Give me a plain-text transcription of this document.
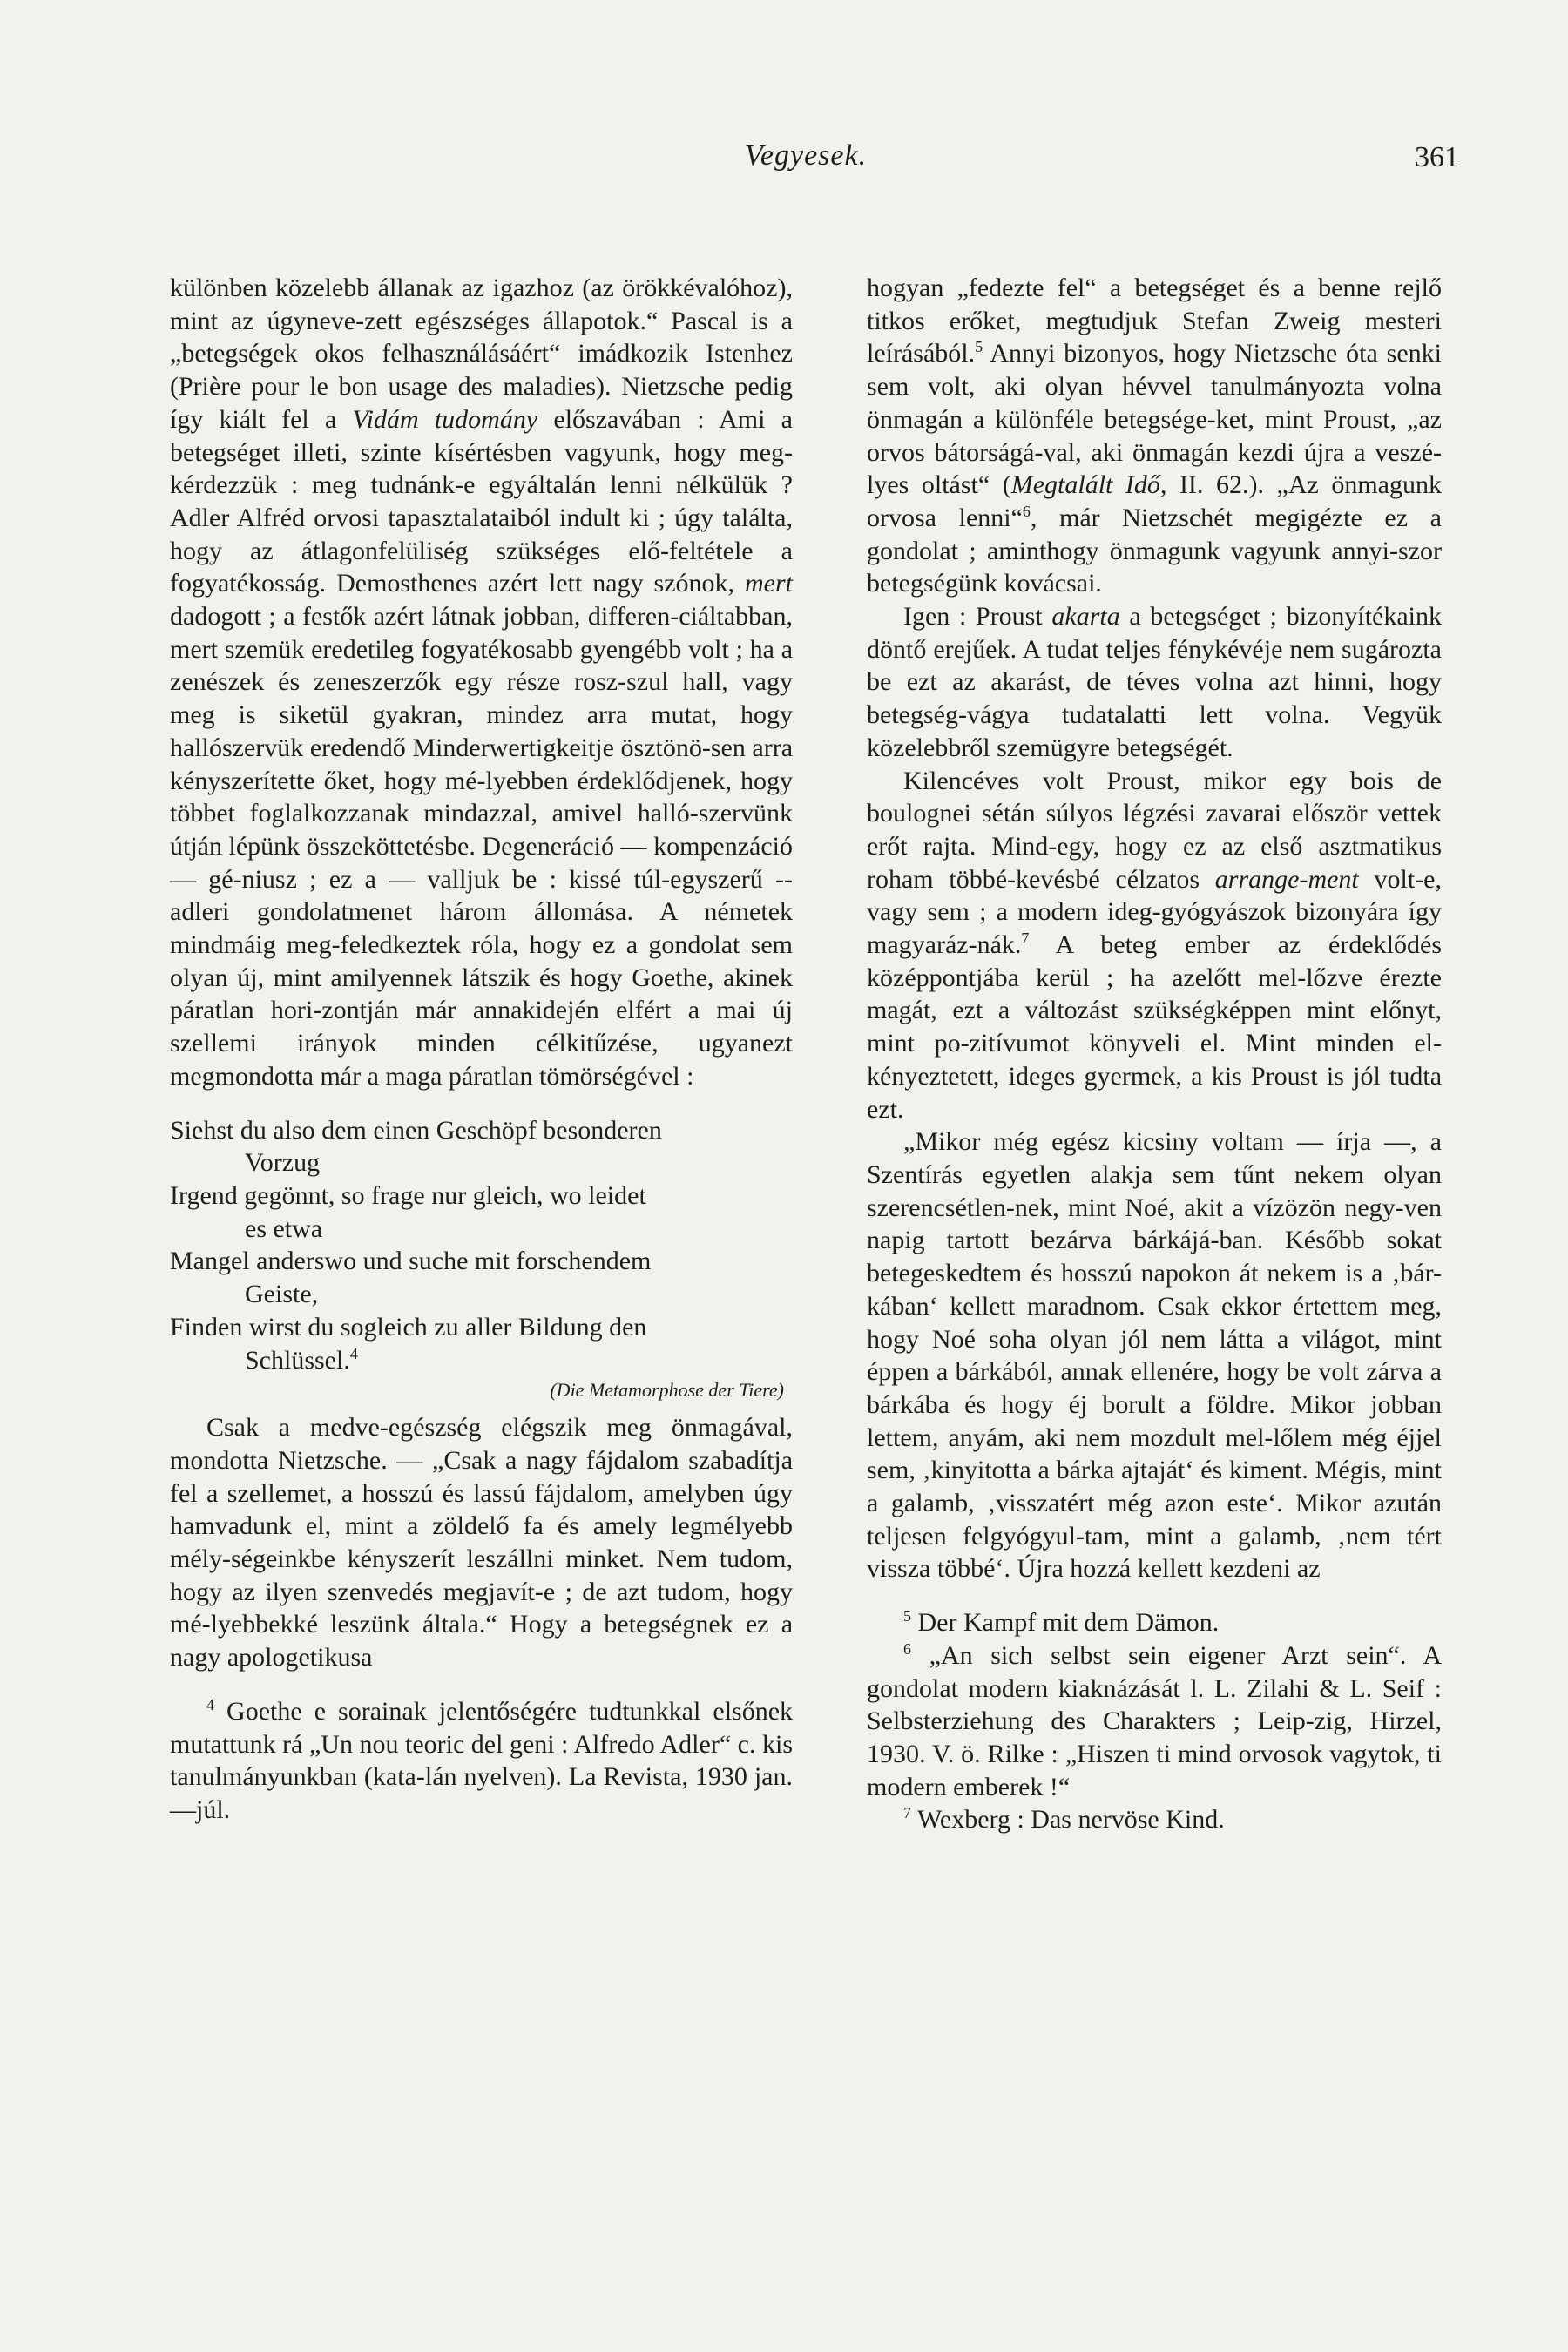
Vegyesek.	361

különben közelebb állanak az igazhoz (az örökkévalóhoz), mint az úgyneve-zett egészséges állapotok.“ Pascal is a „betegségek okos felhasználásáért“ imádkozik Istenhez (Prière pour le bon usage des maladies). Nietzsche pedig így kiált fel a Vidám tudomány előszavában : Ami a betegséget illeti, szinte kísértésben vagyunk, hogy meg-kérdezzük : meg tudnánk-e egyáltalán lenni nélkülük ? Adler Alfréd orvosi tapasztalataiból indult ki ; úgy találta, hogy az átlagonfelüliség szükséges elő-feltétele a fogyatékosság. Demosthenes azért lett nagy szónok, mert dadogott ; a festők azért látnak jobban, differen-ciáltabban, mert szemük eredetileg fogyatékosabb gyengébb volt ; ha a zenészek és zeneszerzők egy része rosz-szul hall, vagy meg is siketül gyakran, mindez arra mutat, hogy hallószervük eredendő Minderwertigkeitje ösztönö-sen arra kényszerítette őket, hogy mé-lyebben érdeklődjenek, hogy többet foglalkozzanak mindazzal, amivel halló-szervünk útján lépünk összeköttetésbe. Degeneráció — kompenzáció — gé-niusz ; ez a — valljuk be : kissé túl-egyszerű -- adleri gondolatmenet három állomása. A németek mindmáig meg-feledkeztek róla, hogy ez a gondolat sem olyan új, mint amilyennek látszik és hogy Goethe, akinek páratlan hori-zontján már annakidején elfért a mai új szellemi irányok minden célkitűzése, ugyanezt megmondotta már a maga páratlan tömörségével :

Siehst du also dem einen Geschöpf besonderen
Vorzug

Irgend gegönnt, so frage nur gleich, wo leidet
es etwa

Mangel anderswo und suche mit forschendem
Geiste,

Finden wirst du sogleich zu aller Bildung den
Schlüssel.$^4$

(Die Metamorphose der Tiere)

Csak a medve-egészség elégszik meg önmagával, mondotta Nietzsche. — „Csak a nagy fájdalom szabadítja fel a szellemet, a hosszú és lassú fájdalom, amelyben úgy hamvadunk el, mint a zöldelő fa és amely legmélyebb mély-ségeinkbe kényszerít leszállni minket. Nem tudom, hogy az ilyen szenvedés megjavít-e ; de azt tudom, hogy mé-lyebbekké leszünk általa.“ Hogy a betegségnek ez a nagy apologetikusa

$^4$ Goethe e sorainak jelentőségére tudtunkkal elsőnek mutattunk rá „Un nou teoric del geni : Alfredo Adler“ c. kis tanulmányunkban (kata-lán nyelven). La Revista, 1930 jan.—júl.

hogyan „fedezte fel“ a betegséget és a benne rejlő titkos erőket, megtudjuk Stefan Zweig mesteri leírásából.$^5$ Annyi bizonyos, hogy Nietzsche óta senki sem volt, aki olyan hévvel tanulmányozta volna önmagán a különféle betegsége-ket, mint Proust, „az orvos bátorságá-val, aki önmagán kezdi újra a veszé-lyes oltást“ (Megtalált Idő, II. 62.). „Az önmagunk orvosa lenni“$^6$, már Nietzschét megigézte ez a gondolat ; aminthogy önmagunk vagyunk annyi-szor betegségünk kovácsai.

Igen : Proust akarta a betegséget ; bizonyítékaink döntő erejűek. A tudat teljes fénykévéje nem sugározta be ezt az akarást, de téves volna azt hinni, hogy betegség-vágya tudatalatti lett volna. Vegyük közelebbről szemügyre betegségét.

Kilencéves volt Proust, mikor egy bois de boulognei sétán súlyos légzési zavarai először vettek erőt rajta. Mind-egy, hogy ez az első asztmatikus roham többé-kevésbé célzatos arrange-ment volt-e, vagy sem ; a modern ideg-gyógyászok bizonyára így magyaráz-nák.$^7$ A beteg ember az érdeklődés középpontjába kerül ; ha azelőtt mel-lőzve érezte magát, ezt a változást szükségképpen mint előnyt, mint po-zitívumot könyveli el. Mint minden el-kényeztetett, ideges gyermek, a kis Proust is jól tudta ezt.

„Mikor még egész kicsiny voltam — írja —, a Szentírás egyetlen alakja sem tűnt nekem olyan szerencsétlen-nek, mint Noé, akit a vízözön negy-ven napig tartott bezárva bárkájá-ban. Később sokat betegeskedtem és hosszú napokon át nekem is a ‚bár-kában‘ kellett maradnom. Csak ekkor értettem meg, hogy Noé soha olyan jól nem látta a világot, mint éppen a bárkából, annak ellenére, hogy be volt zárva a bárkába és hogy éj borult a földre. Mikor jobban lettem, anyám, aki nem mozdult mel-lőlem még éjjel sem, ‚kinyitotta a bárka ajtaját‘ és kiment. Mégis, mint a galamb, ‚visszatért még azon este‘. Mikor azután teljesen felgyógyul-tam, mint a galamb, ‚nem tért vissza többé‘. Újra hozzá kellett kezdeni az

$^5$ Der Kampf mit dem Dämon.

$^6$ „An sich selbst sein eigener Arzt sein“. A gondolat modern kiaknázását l. L. Zilahi & L. Seif : Selbsterziehung des Charakters ; Leip-zig, Hirzel, 1930. V. ö. Rilke : „Hiszen ti mind orvosok vagytok, ti modern emberek !“

$^7$ Wexberg : Das nervöse Kind.
